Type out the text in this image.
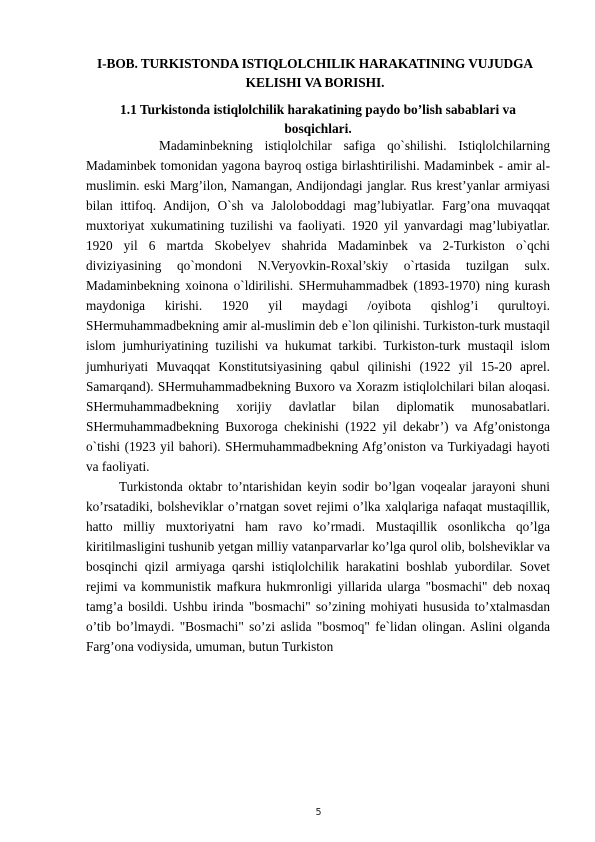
I-BOB. TURKISTONDA ISTIQLOLCHILIK HARAKATINING VUJUDGA KELISHI VA BORISHI.
1.1 Turkistonda istiqlolchilik harakatining paydo bo’lish sabablari va bosqichlari.

Madaminbekning istiqlolchilar safiga qo`shilishi. Istiqlolchilarning Madaminbek tomonidan yagona bayroq ostiga birlashtirilishi. Madaminbek - amir al-muslimin. eski Marg’ilon, Namangan, Andijondagi janglar. Rus krest’yanlar armiyasi bilan ittifoq. Andijon, O`sh va Jaloloboddagi mag’lubiyatlar. Farg’ona muvaqqat muxtoriyat xukumatining tuzilishi va faoliyati. 1920 yil yanvardagi mag’lubiyatlar. 1920 yil 6 martda Skobelyev shahrida Madaminbek va 2-Turkiston o`qchi diviziyasining qo`mondoni N.Veryovkin-Roxal’skiy o`rtasida tuzilgan sulx. Madaminbekning xoinona o`ldirilishi. SHermuhammadbek (1893-1970) ning kurash maydoniga kirishi. 1920 yil maydagi /oyibota qishlog’i qurultoyi. SHermuhammadbekning amir al-muslimin deb e`lon qilinishi. Turkiston-turk mustaqil islom jumhuriyatining tuzilishi va hukumat tarkibi. Turkiston-turk mustaqil islom jumhuriyati Muvaqqat Konstitutsiyasining qabul qilinishi (1922 yil 15-20 aprel. Samarqand). SHermuhammadbekning Buxoro va Xorazm istiqlolchilari bilan aloqasi. SHermuhammadbekning xorijiy davlatlar bilan diplomatik munosabatlari. SHermuhammadbekning Buxoroga chekinishi (1922 yil dekabr’) va Afg’onistonga o`tishi (1923 yil bahori). SHermuhammadbekning Afg’oniston va Turkiyadagi hayoti va faoliyati.

Turkistonda oktabr to’ntarishidan keyin sodir bo’lgan voqealar jarayoni shuni ko’rsatadiki, bolsheviklar o’rnatgan sovet rejimi o’lka xalqlariga nafaqat mustaqillik, hatto milliy muxtoriyatni ham ravo ko’rmadi. Mustaqillik osonlikcha qo’lga kiritilmasligini tushunib yetgan milliy vatanparvarlar ko’lga qurol olib, bolsheviklar va bosqinchi qizil armiyaga qarshi istiqlolchilik harakatini boshlab yubordilar. Sovet rejimi va kommunistik mafkura hukmronligi yillarida ularga "bosmachi" deb noxaq tamg’a bosildi. Ushbu irinda "bosmachi" so’zining mohiyati hususida to’xtalmasdan o’tib bo’lmaydi. "Bosmachi" so’zi aslida "bosmoq" fe`lidan olingan. Aslini olganda Farg’ona vodiysida, umuman, butun Turkiston

5
